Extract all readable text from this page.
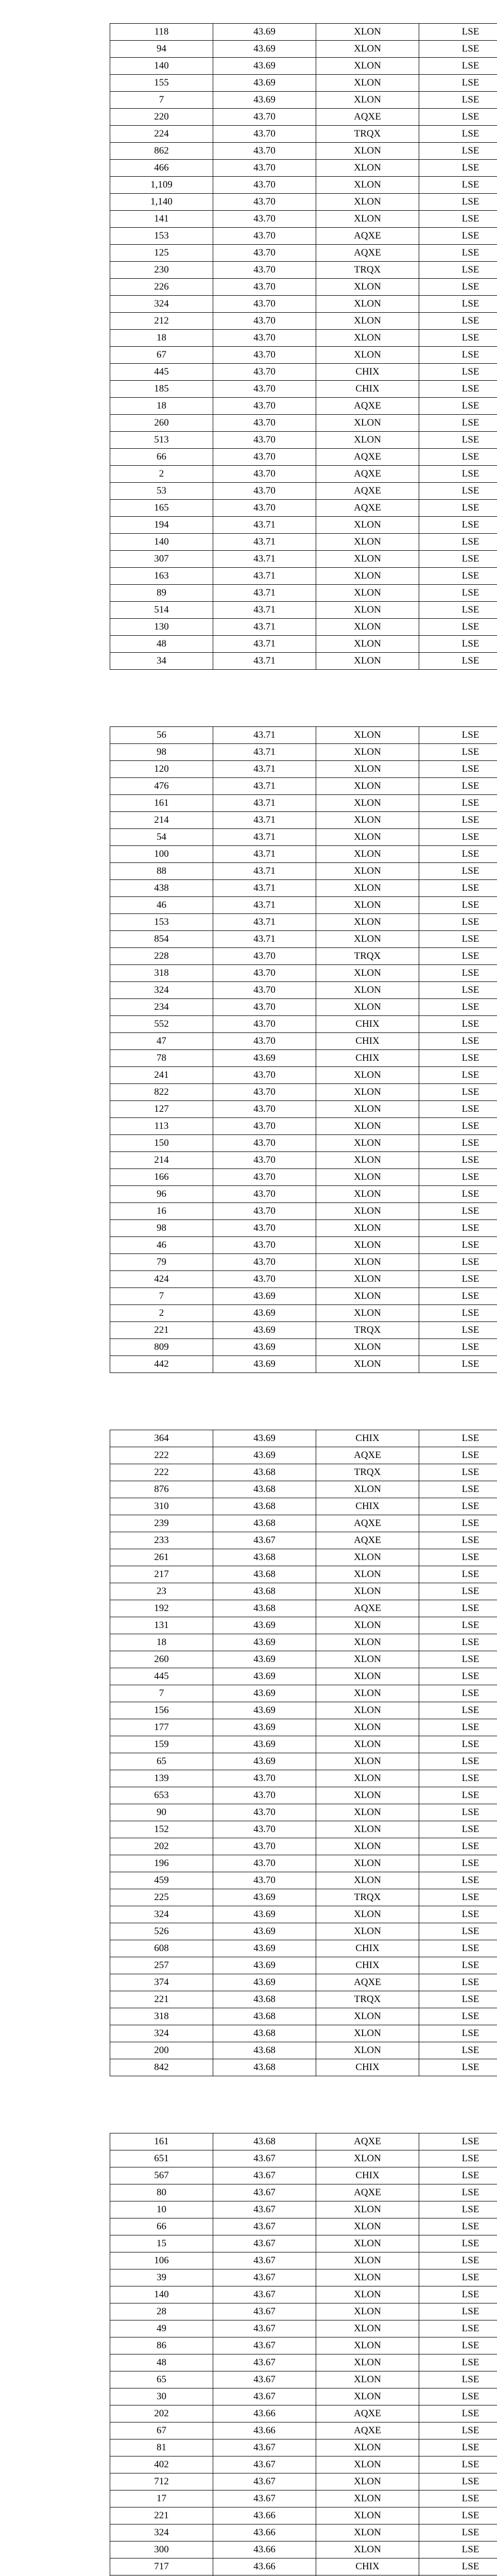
118	43.69	XLON	LSE
94	43.69	XLON	LSE
140	43.69	XLON	LSE
155	43.69	XLON	LSE
7	43.69	XLON	LSE
220	43.70	AQXE	LSE
224	43.70	TRQX	LSE
862	43.70	XLON	LSE
466	43.70	XLON	LSE
1,109	43.70	XLON	LSE
1,140	43.70	XLON	LSE
141	43.70	XLON	LSE
153	43.70	AQXE	LSE
125	43.70	AQXE	LSE
230	43.70	TRQX	LSE
226	43.70	XLON	LSE
324	43.70	XLON	LSE
212	43.70	XLON	LSE
18	43.70	XLON	LSE
67	43.70	XLON	LSE
445	43.70	CHIX	LSE
185	43.70	CHIX	LSE
18	43.70	AQXE	LSE
260	43.70	XLON	LSE
513	43.70	XLON	LSE
66	43.70	AQXE	LSE
2	43.70	AQXE	LSE
53	43.70	AQXE	LSE
165	43.70	AQXE	LSE
194	43.71	XLON	LSE
140	43.71	XLON	LSE
307	43.71	XLON	LSE
163	43.71	XLON	LSE
89	43.71	XLON	LSE
514	43.71	XLON	LSE
130	43.71	XLON	LSE
48	43.71	XLON	LSE
34	43.71	XLON	LSE
56	43.71	XLON	LSE
98	43.71	XLON	LSE
120	43.71	XLON	LSE
476	43.71	XLON	LSE
161	43.71	XLON	LSE
214	43.71	XLON	LSE
54	43.71	XLON	LSE
100	43.71	XLON	LSE
88	43.71	XLON	LSE
438	43.71	XLON	LSE
46	43.71	XLON	LSE
153	43.71	XLON	LSE
854	43.71	XLON	LSE
228	43.70	TRQX	LSE
318	43.70	XLON	LSE
324	43.70	XLON	LSE
234	43.70	XLON	LSE
552	43.70	CHIX	LSE
47	43.70	CHIX	LSE
78	43.69	CHIX	LSE
241	43.70	XLON	LSE
822	43.70	XLON	LSE
127	43.70	XLON	LSE
113	43.70	XLON	LSE
150	43.70	XLON	LSE
214	43.70	XLON	LSE
166	43.70	XLON	LSE
96	43.70	XLON	LSE
16	43.70	XLON	LSE
98	43.70	XLON	LSE
46	43.70	XLON	LSE
79	43.70	XLON	LSE
424	43.70	XLON	LSE
7	43.69	XLON	LSE
2	43.69	XLON	LSE
221	43.69	TRQX	LSE
809	43.69	XLON	LSE
442	43.69	XLON	LSE
364	43.69	CHIX	LSE
222	43.69	AQXE	LSE
222	43.68	TRQX	LSE
876	43.68	XLON	LSE
310	43.68	CHIX	LSE
239	43.68	AQXE	LSE
233	43.67	AQXE	LSE
261	43.68	XLON	LSE
217	43.68	XLON	LSE
23	43.68	XLON	LSE
192	43.68	AQXE	LSE
131	43.69	XLON	LSE
18	43.69	XLON	LSE
260	43.69	XLON	LSE
445	43.69	XLON	LSE
7	43.69	XLON	LSE
156	43.69	XLON	LSE
177	43.69	XLON	LSE
159	43.69	XLON	LSE
65	43.69	XLON	LSE
139	43.70	XLON	LSE
653	43.70	XLON	LSE
90	43.70	XLON	LSE
152	43.70	XLON	LSE
202	43.70	XLON	LSE
196	43.70	XLON	LSE
459	43.70	XLON	LSE
225	43.69	TRQX	LSE
324	43.69	XLON	LSE
526	43.69	XLON	LSE
608	43.69	CHIX	LSE
257	43.69	CHIX	LSE
374	43.69	AQXE	LSE
221	43.68	TRQX	LSE
318	43.68	XLON	LSE
324	43.68	XLON	LSE
200	43.68	XLON	LSE
842	43.68	CHIX	LSE
161	43.68	AQXE	LSE
651	43.67	XLON	LSE
567	43.67	CHIX	LSE
80	43.67	AQXE	LSE
10	43.67	XLON	LSE
66	43.67	XLON	LSE
15	43.67	XLON	LSE
106	43.67	XLON	LSE
39	43.67	XLON	LSE
140	43.67	XLON	LSE
28	43.67	XLON	LSE
49	43.67	XLON	LSE
86	43.67	XLON	LSE
48	43.67	XLON	LSE
65	43.67	XLON	LSE
30	43.67	XLON	LSE
202	43.66	AQXE	LSE
67	43.66	AQXE	LSE
81	43.67	XLON	LSE
402	43.67	XLON	LSE
712	43.67	XLON	LSE
17	43.67	XLON	LSE
221	43.66	XLON	LSE
324	43.66	XLON	LSE
300	43.66	XLON	LSE
717	43.66	CHIX	LSE
